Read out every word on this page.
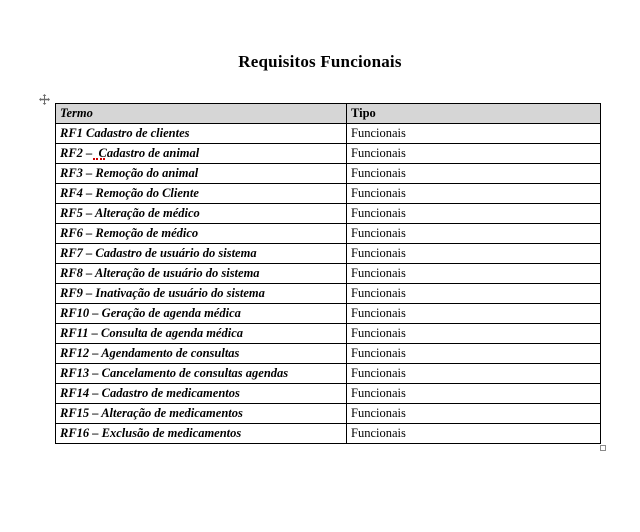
Requisitos Funcionais
Termo	Tipo
RF1 Cadastro de clientes	Funcionais
RF2 –  Cadastro de animal	Funcionais
RF3 – Remoção do animal	Funcionais
RF4 – Remoção do Cliente	Funcionais
RF5 – Alteração de médico	Funcionais
RF6 – Remoção de médico	Funcionais
RF7 – Cadastro de usuário do sistema	Funcionais
RF8 – Alteração de usuário do sistema	Funcionais
RF9 – Inativação de usuário do sistema	Funcionais
RF10 – Geração de agenda médica	Funcionais
RF11 – Consulta de agenda médica	Funcionais
RF12 – Agendamento de consultas	Funcionais
RF13 – Cancelamento de consultas agendas	Funcionais
RF14 – Cadastro de medicamentos	Funcionais
RF15 – Alteração de medicamentos	Funcionais
RF16 – Exclusão de medicamentos	Funcionais
